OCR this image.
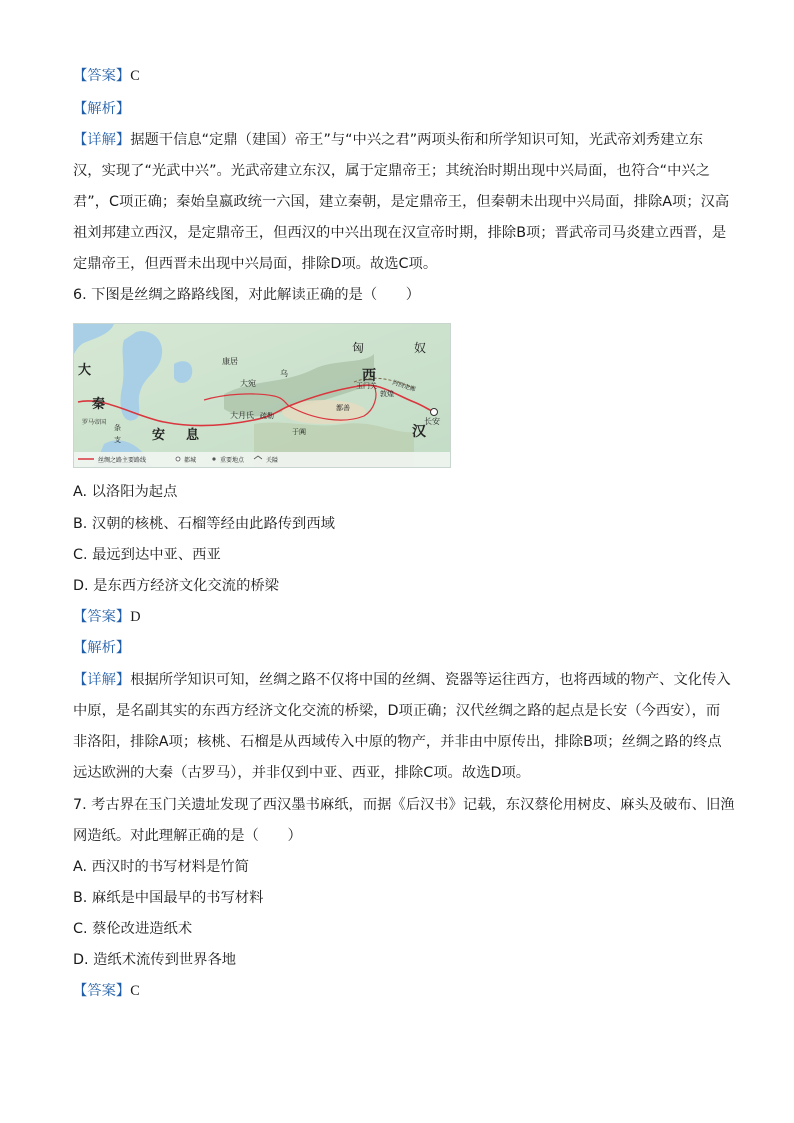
【答案】C
【解析】
【详解】据题干信息“定鼎（建国）帝王”与“中兴之君”两项头衔和所学知识可知，光武帝刘秀建立东
汉，实现了“光武中兴”。光武帝建立东汉，属于定鼎帝王；其统治时期出现中兴局面，也符合“中兴之
君”，C项正确；秦始皇嬴政统一六国，建立秦朝，是定鼎帝王，但秦朝未出现中兴局面，排除A项；汉高
祖刘邦建立西汉，是定鼎帝王，但西汉的中兴出现在汉宣帝时期，排除B项；晋武帝司马炎建立西晋，是
定鼎帝王，但西晋未出现中兴局面，排除D项。故选C项。
6. 下图是丝绸之路路线图，对此解读正确的是（　　）
大
秦
安 息
匈	奴
西
汉
康居
大宛
乌
玉门关
敦煌
长安
大月氏 疏勒
于阗
鄯善
河西走廊
罗马帝国
条
支
丝绸之路主要路线	都城	重要地点	关隘
A. 以洛阳为起点
B. 汉朝的核桃、石榴等经由此路传到西域
C. 最远到达中亚、西亚
D. 是东西方经济文化交流的桥梁
【答案】D
【解析】
【详解】根据所学知识可知，丝绸之路不仅将中国的丝绸、瓷器等运往西方，也将西域的物产、文化传入
中原，是名副其实的东西方经济文化交流的桥梁，D项正确；汉代丝绸之路的起点是长安（今西安），而
非洛阳，排除A项；核桃、石榴是从西域传入中原的物产，并非由中原传出，排除B项；丝绸之路的终点
远达欧洲的大秦（古罗马），并非仅到中亚、西亚，排除C项。故选D项。
7. 考古界在玉门关遗址发现了西汉墨书麻纸，而据《后汉书》记载，东汉蔡伦用树皮、麻头及破布、旧渔
网造纸。对此理解正确的是（　　）
A. 西汉时的书写材料是竹简
B. 麻纸是中国最早的书写材料
C. 蔡伦改进造纸术
D. 造纸术流传到世界各地
【答案】C
